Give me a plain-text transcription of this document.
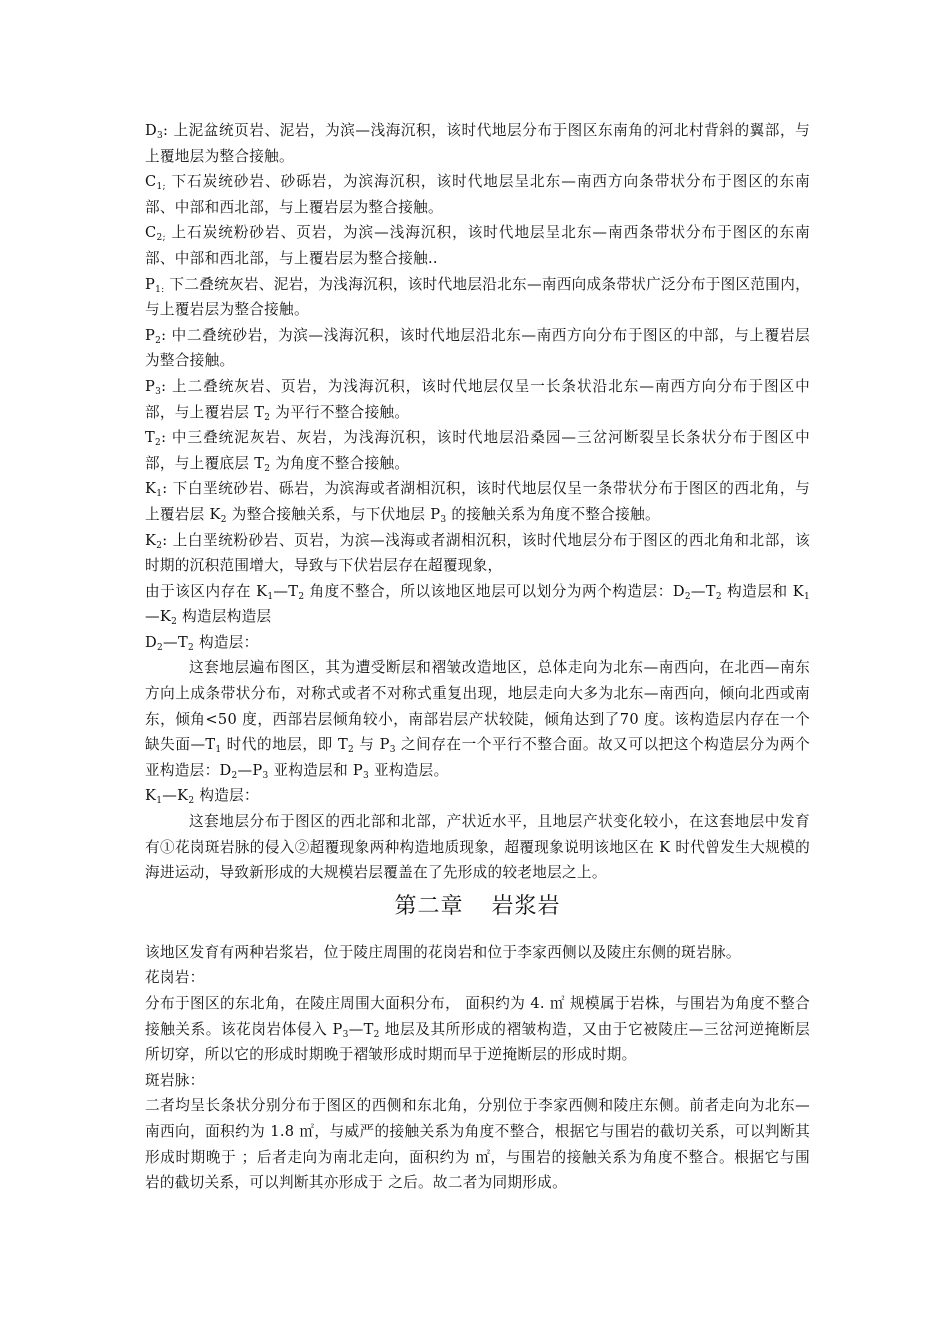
$D_3$: 上泥盆统页岩、泥岩，为滨—浅海沉积，该时代地层分布于图区东南角的河北村背斜的翼部，与上覆地层为整合接触。

$C_{1;}$ 下石炭统砂岩、砂砾岩，为滨海沉积，该时代地层呈北东—南西方向条带状分布于图区的东南部、中部和西北部，与上覆岩层为整合接触。

$C_{2;}$ 上石炭统粉砂岩、页岩，为滨—浅海沉积，该时代地层呈北东—南西条带状分布于图区的东南部、中部和西北部，与上覆岩层为整合接触..

$P_{1:}$ 下二叠统灰岩、泥岩，为浅海沉积，该时代地层沿北东—南西向成条带状广泛分布于图区范围内，与上覆岩层为整合接触。

$P_2$: 中二叠统砂岩，为滨—浅海沉积，该时代地层沿北东—南西方向分布于图区的中部，与上覆岩层为整合接触。

$P_3$: 上二叠统灰岩、页岩，为浅海沉积，该时代地层仅呈一长条状沿北东—南西方向分布于图区中部，与上覆岩层 $T_2$ 为平行不整合接触。

$T_2$: 中三叠统泥灰岩、灰岩，为浅海沉积，该时代地层沿桑园—三岔河断裂呈长条状分布于图区中部，与上覆底层 $T_2$ 为角度不整合接触。

$K_1$: 下白垩统砂岩、砾岩，为滨海或者湖相沉积，该时代地层仅呈一条带状分布于图区的西北角，与上覆岩层 $K_2$ 为整合接触关系，与下伏地层 $P_3$ 的接触关系为角度不整合接触。

$K_2$: 上白垩统粉砂岩、页岩，为滨—浅海或者湖相沉积，该时代地层分布于图区的西北角和北部，该时期的沉积范围增大，导致与下伏岩层存在超覆现象，

由于该区内存在 $K_1—T_2$ 角度不整合，所以该地区地层可以划分为两个构造层：$D_2—T_2$ 构造层和 $K_1—K_2$ 构造层构造层

$D_2—T_2$ 构造层：

这套地层遍布图区，其为遭受断层和褶皱改造地区，总体走向为北东—南西向，在北西—南东方向上成条带状分布，对称式或者不对称式重复出现，地层走向大多为北东—南西向，倾向北西或南东，倾角<50 度，西部岩层倾角较小，南部岩层产状较陡，倾角达到了70 度。该构造层内存在一个缺失面$—T_1$ 时代的地层，即 $T_2$ 与 $P_3$ 之间存在一个平行不整合面。故又可以把这个构造层分为两个亚构造层：$D_2—P_3$ 亚构造层和 $P_3$ 亚构造层。

$K_1—K_2$ 构造层：

这套地层分布于图区的西北部和北部，产状近水平，且地层产状变化较小，在这套地层中发育有①花岗斑岩脉的侵入②超覆现象两种构造地质现象，超覆现象说明该地区在 K 时代曾发生大规模的海进运动，导致新形成的大规模岩层覆盖在了先形成的较老地层之上。

第二章 岩浆岩

该地区发育有两种岩浆岩，位于陵庄周围的花岗岩和位于李家西侧以及陵庄东侧的斑岩脉。

花岗岩：

分布于图区的东北角，在陵庄周围大面积分布， 面积约为 4. ㎡ 规模属于岩株，与围岩为角度不整合接触关系。该花岗岩体侵入 $P_3—T_2$ 地层及其所形成的褶皱构造，又由于它被陵庄—三岔河逆掩断层所切穿，所以它的形成时期晚于褶皱形成时期而早于逆掩断层的形成时期。

斑岩脉：

二者均呈长条状分别分布于图区的西侧和东北角，分别位于李家西侧和陵庄东侧。前者走向为北东—南西向，面积约为 1.8 ㎡，与威严的接触关系为角度不整合，根据它与围岩的截切关系，可以判断其形成时期晚于 ；后者走向为南北走向，面积约为 ㎡，与围岩的接触关系为角度不整合。根据它与围岩的截切关系，可以判断其亦形成于 之后。故二者为同期形成。
